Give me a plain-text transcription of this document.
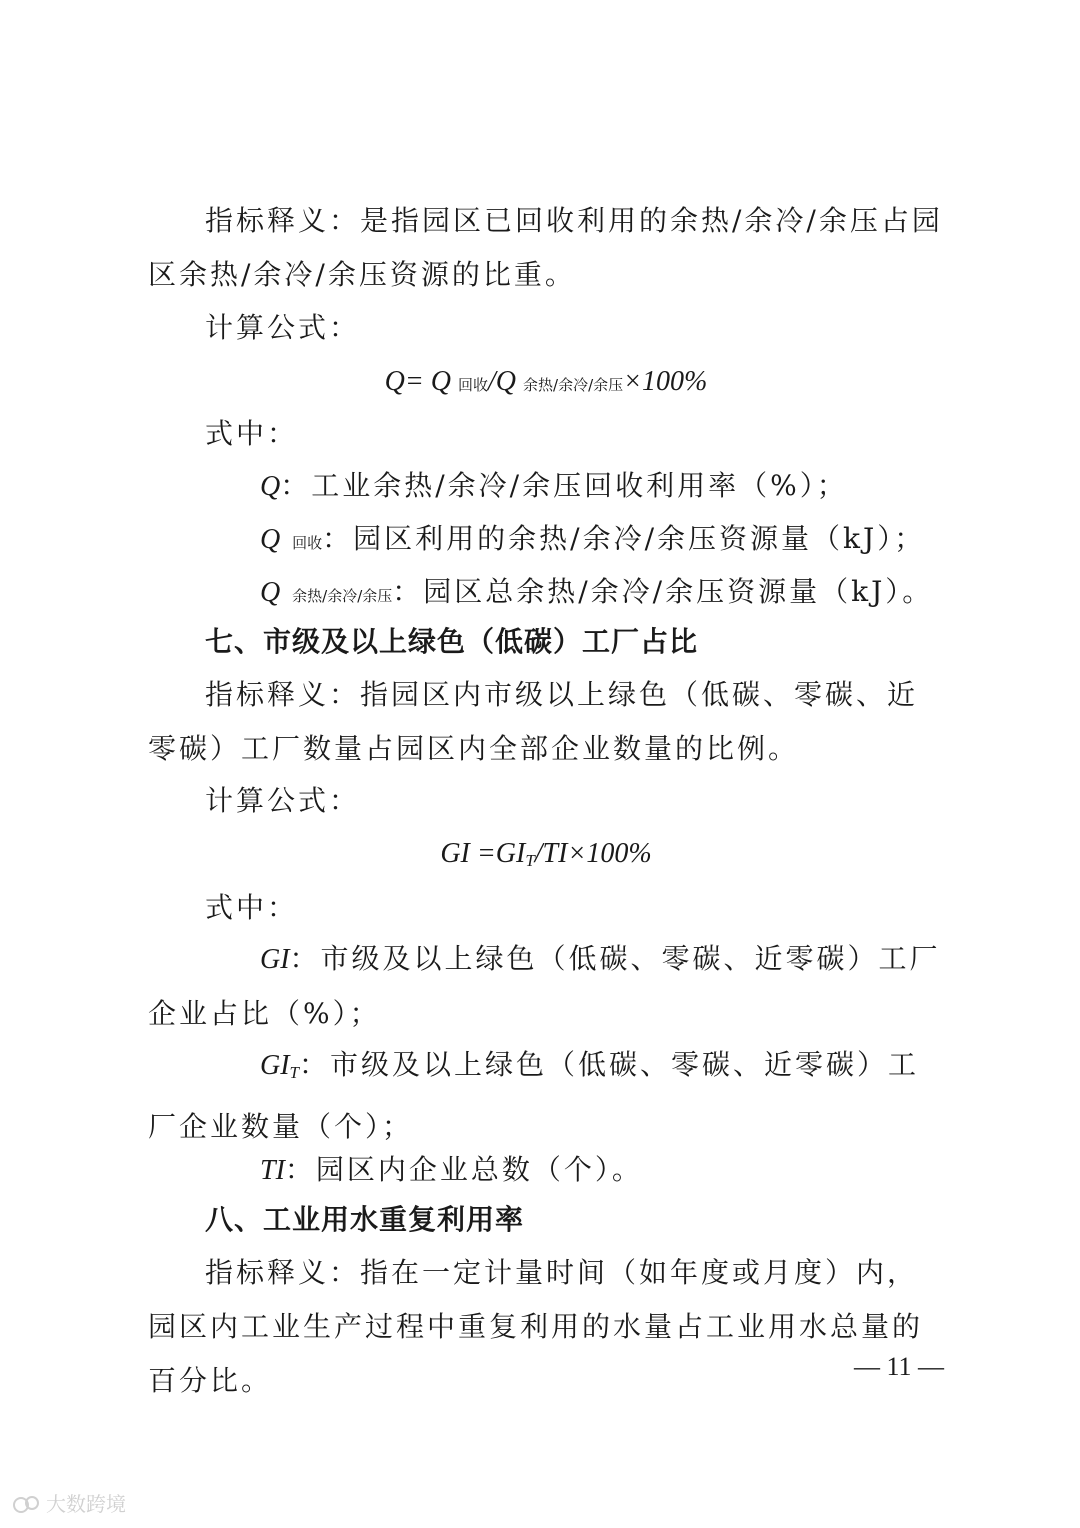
指标释义：是指园区已回收利用的余热/余冷/余压占园区余热/余冷/余压资源的比重。

计算公式：

Q= Q 回收/Q 余热/余冷/余压×100%

式中：

Q：工业余热/余冷/余压回收利用率（%）；

Q 回收：园区利用的余热/余冷/余压资源量（kJ）；

Q 余热/余冷/余压：园区总余热/余冷/余压资源量（kJ）。

七、市级及以上绿色（低碳）工厂占比

指标释义：指园区内市级以上绿色（低碳、零碳、近零碳）工厂数量占园区内全部企业数量的比例。

计算公式：

GI =GIT/TI×100%

式中：

GI：市级及以上绿色（低碳、零碳、近零碳）工厂企业占比（%）；

GIT：市级及以上绿色（低碳、零碳、近零碳）工厂企业数量（个）；

TI：园区内企业总数（个）。

八、工业用水重复利用率

指标释义：指在一定计量时间（如年度或月度）内，园区内工业生产过程中重复利用的水量占工业用水总量的百分比。	— 11 —
大数跨境
